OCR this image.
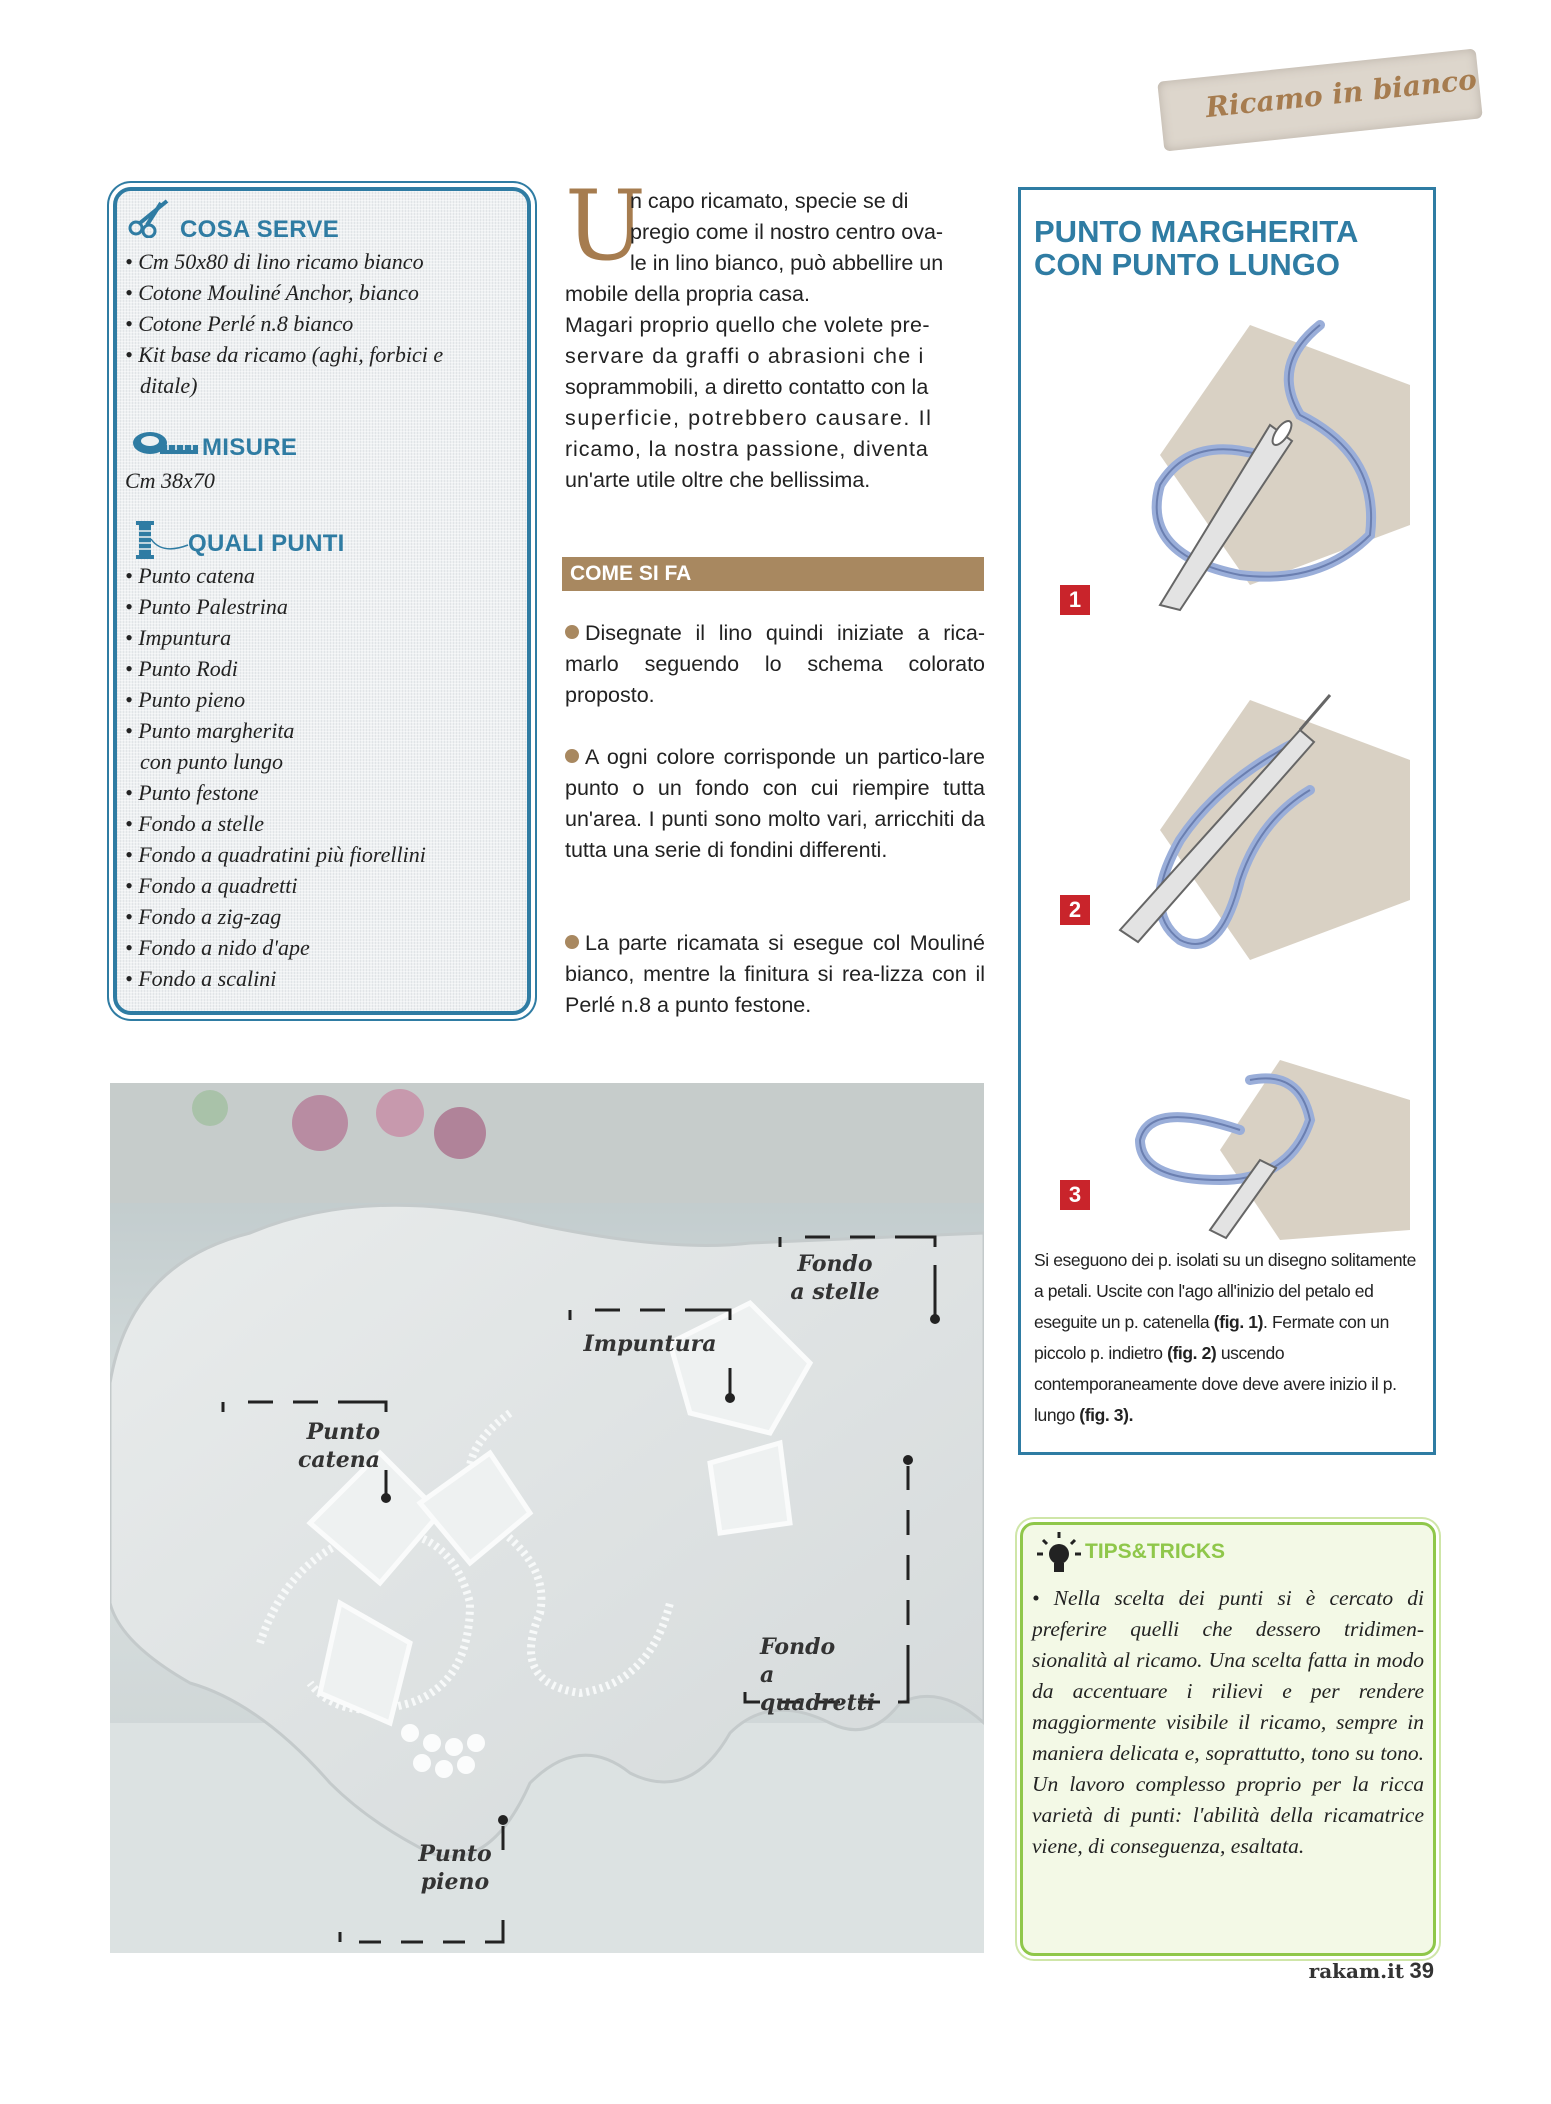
Ricamo in bianco
COSA SERVE
• Cm 50x80 di lino ricamo bianco
• Cotone Mouliné Anchor, bianco
• Cotone Perlé n.8 bianco
• Kit base da ricamo (aghi, forbici e
ditale)
MISURE
Cm 38x70
QUALI PUNTI
• Punto catena
• Punto Palestrina
• Impuntura
• Punto Rodi
• Punto pieno
• Punto margherita
con punto lungo
• Punto festone
• Fondo a stelle
• Fondo a quadratini più fiorellini
• Fondo a quadretti
• Fondo a zig-zag
• Fondo a nido d'ape
• Fondo a scalini
U
n capo ricamato, specie se di
pregio come il nostro centro ova-
le in lino bianco, può abbellire un
mobile della propria casa.
Magari proprio quello che volete pre-
servare da graffi o abrasioni che i
soprammobili, a diretto contatto con la
superficie, potrebbero causare. Il
ricamo, la nostra passione, diventa
un'arte utile oltre che bellissima.
COME SI FA
Disegnate il lino quindi iniziate a rica-marlo seguendo lo schema colorato proposto.
A ogni colore corrisponde un partico-lare punto o un fondo con cui riempire tutta un'area. I punti sono molto vari, arricchiti da tutta una serie di fondini differenti.
La parte ricamata si esegue col Mouliné bianco, mentre la finitura si rea-lizza con il Perlé n.8 a punto festone.
PUNTO MARGHERITA
CON PUNTO LUNGO
1
2
3
Si eseguono dei p. isolati su un disegno solitamente a petali. Uscite con l'ago all'inizio del petalo ed eseguite un p. catenella (fig. 1). Fermate con un piccolo p. indietro (fig. 2) uscendo contemporaneamente dove deve avere inizio il p. lungo (fig. 3).
Fondo
a stelle
Impuntura
Punto
catena
Fondo
a quadretti
Punto
pieno
TIPS&TRICKS
• Nella scelta dei punti si è cercato di preferire quelli che dessero tridimen-sionalità al ricamo. Una scelta fatta in modo da accentuare i rilievi e per rendere maggiormente visibile il ricamo, sempre in maniera delicata e, soprattutto, tono su tono. Un lavoro complesso proprio per la ricca varietà di punti: l'abilità della ricamatrice viene, di conseguenza, esaltata.
rakam.it 39
